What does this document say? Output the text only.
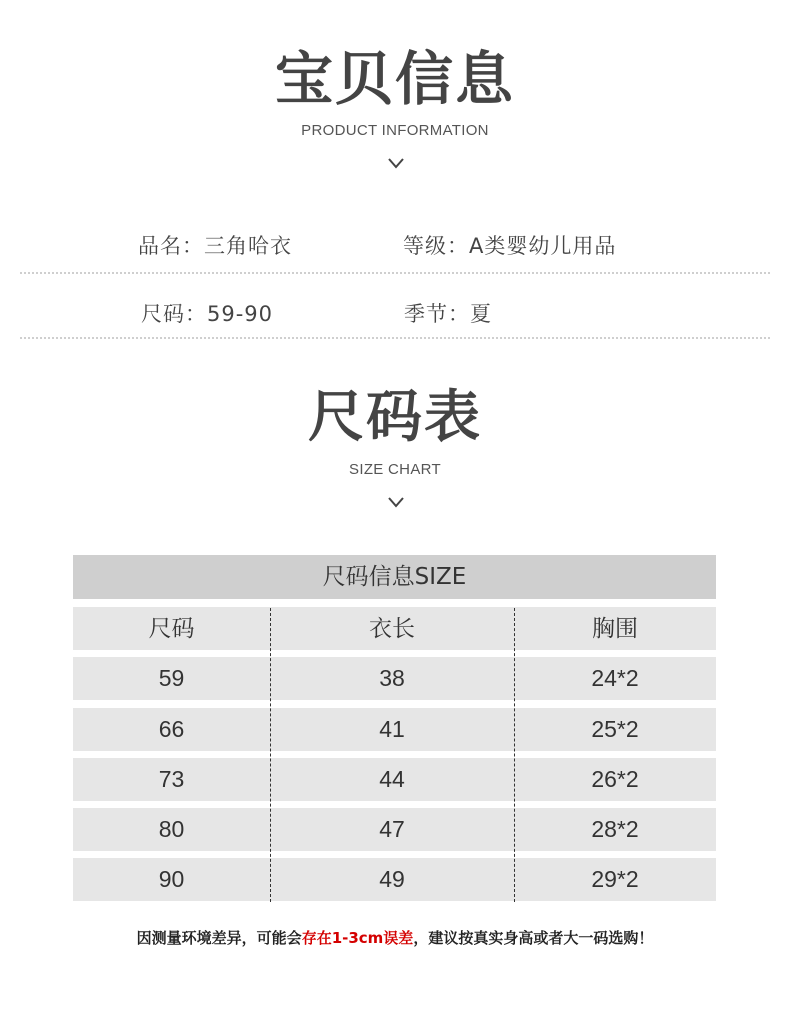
宝贝信息
PRODUCT INFORMATION
品名：三角哈衣	等级：A类婴幼儿用品
尺码：59-90	季节：夏
尺码表
SIZE CHART
尺码信息SIZE
尺码	衣长	胸围
59	38	24*2
66	41	25*2
73	44	26*2
80	47	28*2
90	49	29*2
因测量环境差异，可能会存在1-3cm误差，建议按真实身高或者大一码选购！
